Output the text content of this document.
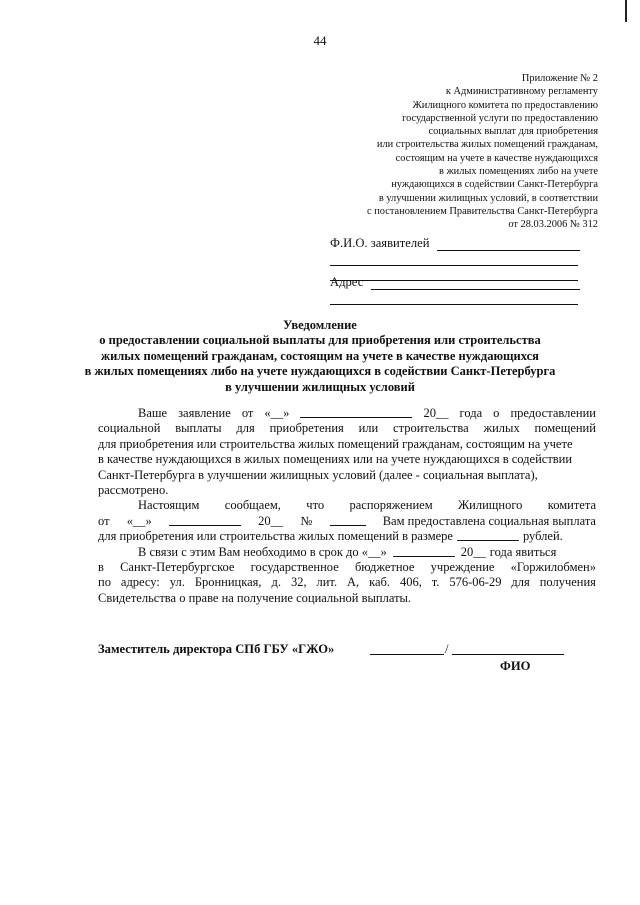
44
Приложение № 2
к Административному регламенту
Жилищного комитета по предоставлению
государственной услуги по предоставлению
социальных выплат для приобретения
или строительства жилых помещений гражданам,
состоящим на учете в качестве нуждающихся
в жилых помещениях либо на учете
нуждающихся в содействии Санкт-Петербурга
в улучшении жилищных условий, в соответствии
с постановлением Правительства Санкт-Петербурга
от 28.03.2006 № 312
Ф.И.О. заявителей
Адрес
Уведомление
о предоставлении социальной выплаты для приобретения или строительства
жилых помещений гражданам, состоящим на учете в качестве нуждающихся
в жилых помещениях либо на учете нуждающихся в содействии Санкт-Петербурга
в улучшении жилищных условий
Ваше заявление от «__»	20__ года о предоставлении
социальной выплаты для приобретения или строительства жилых помещений
для приобретения или строительства жилых помещений гражданам, состоящим на учете
в качестве нуждающихся в жилых помещениях или на учете нуждающихся в содействии
Санкт-Петербурга в улучшении жилищных условий (далее - социальная выплата),
рассмотрено.
Настоящим сообщаем, что распоряжением Жилищного комитета
от «__»	20__ №	Вам предоставлена социальная выплата
для приобретения или строительства жилых помещений в размере	рублей.
В связи с этим Вам необходимо в срок до «__»	20__ года явиться
в Санкт-Петербургское государственное бюджетное учреждение «Горжилобмен»
по адресу: ул. Бронницкая, д. 32, лит. А, каб. 406, т. 576-06-29 для получения
Свидетельства о праве на получение социальной выплаты.
Заместитель директора СПб ГБУ «ГЖО»	/
ФИО
